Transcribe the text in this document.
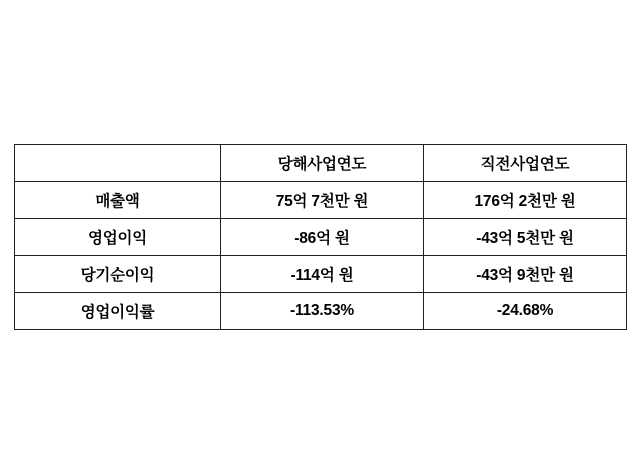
	당해사업연도	직전사업연도
매출액	75억 7천만 원	176억 2천만 원
영업이익	-86억 원	-43억 5천만 원
당기순이익	-114억 원	-43억 9천만 원
영업이익률	-113.53%	-24.68%
